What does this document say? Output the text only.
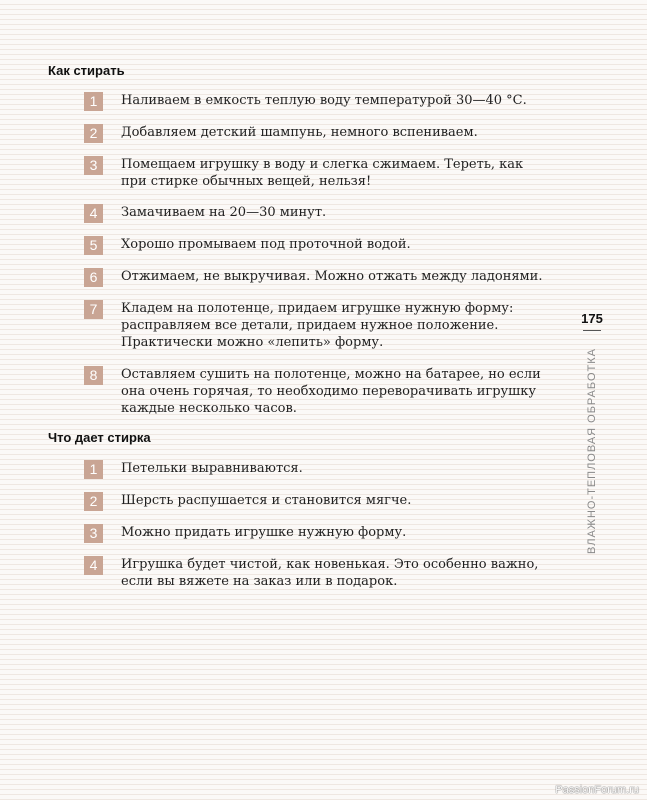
Как стирать
1	Наливаем в емкость теплую воду температурой 30—40 °С.
2	Добавляем детский шампунь, немного вспениваем.
3	Помещаем игрушку в воду и слегка сжимаем. Тереть, как при стирке обычных вещей, нельзя!
4	Замачиваем на 20—30 минут.
5	Хорошо промываем под проточной водой.
6	Отжимаем, не выкручивая. Можно отжать между ладонями.
7	Кладем на полотенце, придаем игрушке нужную форму: расправляем все детали, придаем нужное положение. Практически можно «лепить» форму.
8	Оставляем сушить на полотенце, можно на батарее, но если она очень горячая, то необходимо переворачивать игрушку каждые несколько часов.
Что дает стирка
1	Петельки выравниваются.
2	Шерсть распушается и становится мягче.
3	Можно придать игрушке нужную форму.
4	Игрушка будет чистой, как новенькая. Это особенно важно, если вы вяжете на заказ или в подарок.
175
ВЛАЖНО-ТЕПЛОВАЯ ОБРАБОТКА
PassionForum.ru
